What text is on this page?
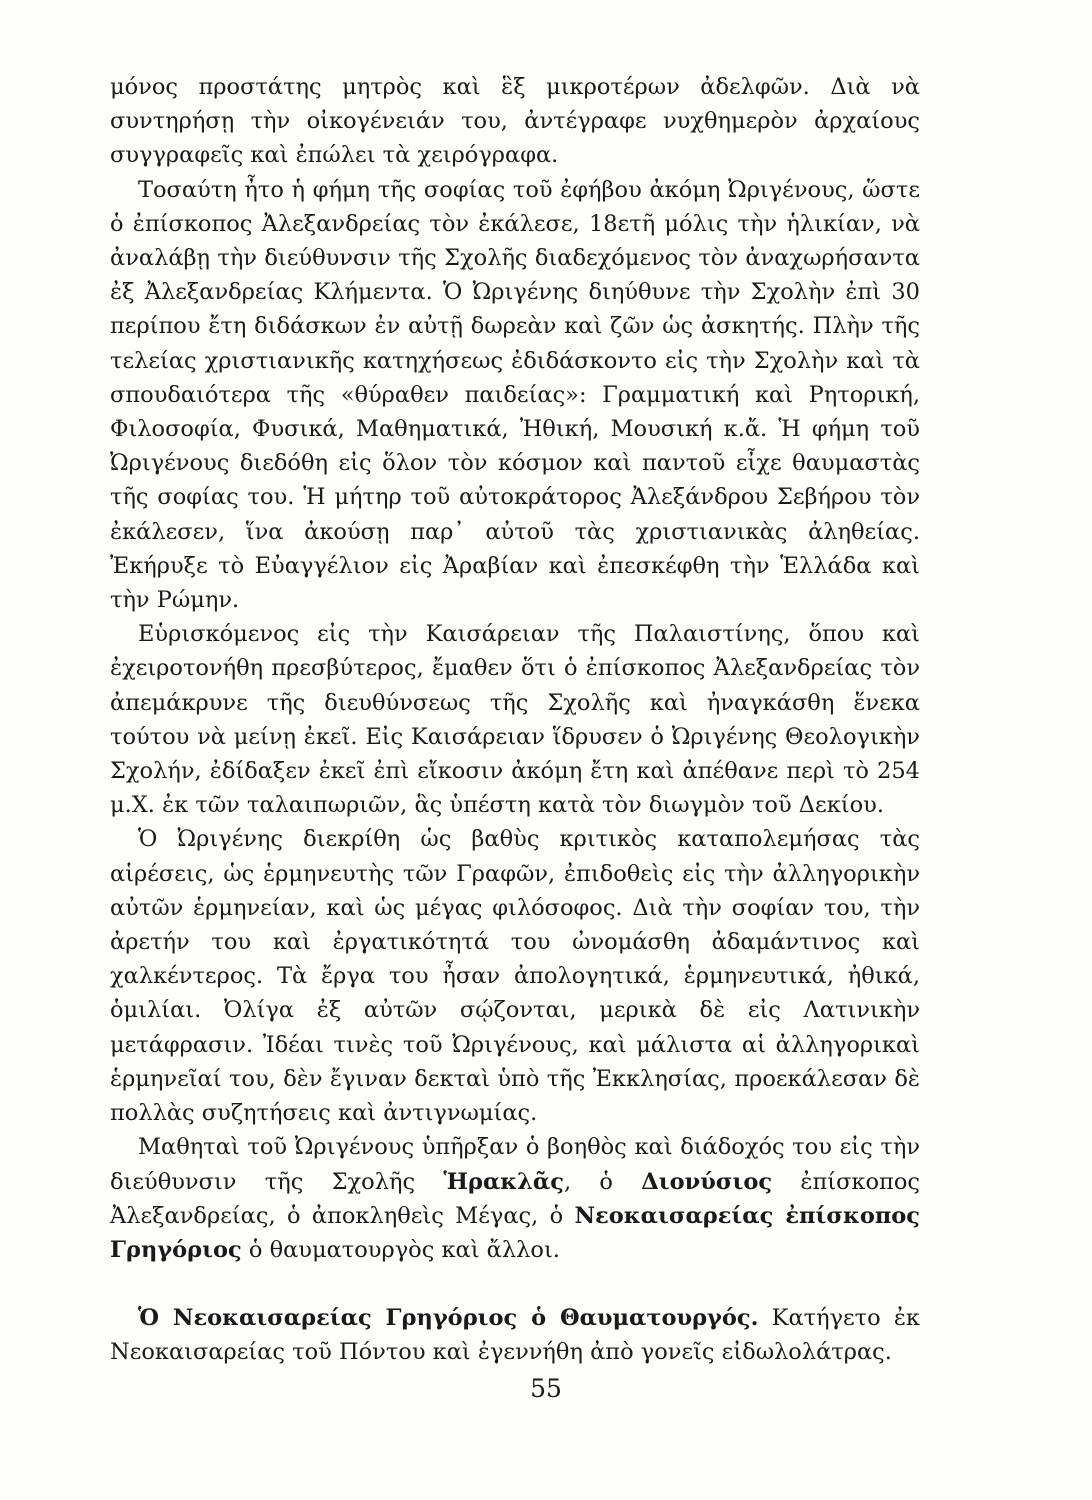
μόνος προστάτης μητρὸς καὶ ἓξ μικροτέρων ἀδελφῶν. Διὰ νὰ συντηρήσῃ τὴν οἰκογένειάν του, ἀντέγραφε νυχθημερὸν ἀρχαίους συγγραφεῖς καὶ ἐπώλει τὰ χειρόγραφα.

Τοσαύτη ἦτο ἡ φήμη τῆς σοφίας τοῦ ἐφήβου ἀκόμη Ὠριγένους, ὥστε ὁ ἐπίσκοπος Ἀλεξανδρείας τὸν ἐκάλεσε, 18ετῆ μόλις τὴν ἡλικίαν, νὰ ἀναλάβῃ τὴν διεύθυνσιν τῆς Σχολῆς διαδεχόμενος τὸν ἀναχωρήσαντα ἐξ Ἀλεξανδρείας Κλήμεντα. Ὁ Ὠριγένης διηύθυνε τὴν Σχολὴν ἐπὶ 30 περίπου ἔτη διδάσκων ἐν αὐτῇ δωρεὰν καὶ ζῶν ὡς ἀσκητής. Πλὴν τῆς τελείας χριστιανικῆς κατηχήσεως ἐδιδάσκοντο εἰς τὴν Σχολὴν καὶ τὰ σπουδαιότερα τῆς «θύραθεν παιδείας»: Γραμματική καὶ Ρητορική, Φιλοσοφία, Φυσικά, Μαθηματικά, Ἠθική, Μουσική κ.ἄ. Ἡ φήμη τοῦ Ὠριγένους διεδόθη εἰς ὅλον τὸν κόσμον καὶ παντοῦ εἶχε θαυμαστὰς τῆς σοφίας του. Ἡ μήτηρ τοῦ αὐτοκράτορος Ἀλεξάνδρου Σεβήρου τὸν ἐκάλεσεν, ἵνα ἀκούσῃ παρ᾿ αὐτοῦ τὰς χριστιανικὰς ἀληθείας. Ἐκήρυξε τὸ Εὐαγγέλιον εἰς Ἀραβίαν καὶ ἐπεσκέφθη τὴν Ἑλλάδα καὶ τὴν Ρώμην.

Εὑρισκόμενος εἰς τὴν Καισάρειαν τῆς Παλαιστίνης, ὅπου καὶ ἐχειροτονήθη πρεσβύτερος, ἔμαθεν ὅτι ὁ ἐπίσκοπος Ἀλεξανδρείας τὸν ἀπεμάκρυνε τῆς διευθύνσεως τῆς Σχολῆς καὶ ἠναγκάσθη ἕνεκα τούτου νὰ μείνῃ ἐκεῖ. Εἰς Καισάρειαν ἵδρυσεν ὁ Ὠριγένης Θεολογικὴν Σχολήν, ἐδίδαξεν ἐκεῖ ἐπὶ εἴκοσιν ἀκόμη ἔτη καὶ ἀπέθανε περὶ τὸ 254 μ.Χ. ἐκ τῶν ταλαιπωριῶν, ἃς ὑπέστη κατὰ τὸν διωγμὸν τοῦ Δεκίου.

Ὁ Ὠριγένης διεκρίθη ὡς βαθὺς κριτικὸς καταπολεμήσας τὰς αἱρέσεις, ὡς ἑρμηνευτὴς τῶν Γραφῶν, ἐπιδοθεὶς εἰς τὴν ἀλληγορικὴν αὐτῶν ἑρμηνείαν, καὶ ὡς μέγας φιλόσοφος. Διὰ τὴν σοφίαν του, τὴν ἀρετήν του καὶ ἐργατικότητά του ὠνομάσθη ἀδαμάντινος καὶ χαλκέντερος. Τὰ ἔργα του ἦσαν ἀπολογητικά, ἑρμηνευτικά, ἠθικά, ὁμιλίαι. Ὀλίγα ἐξ αὐτῶν σῴζονται, μερικὰ δὲ εἰς Λατινικὴν μετάφρασιν. Ἰδέαι τινὲς τοῦ Ὠριγένους, καὶ μάλιστα αἱ ἀλληγορικαὶ ἑρμηνεῖαί του, δὲν ἔγιναν δεκταὶ ὑπὸ τῆς Ἐκκλησίας, προεκάλεσαν δὲ πολλὰς συζητήσεις καὶ ἀντιγνωμίας.

Μαθηταὶ τοῦ Ὠριγένους ὑπῆρξαν ὁ βοηθὸς καὶ διάδοχός του εἰς τὴν διεύθυνσιν τῆς Σχολῆς Ἡρακλᾶς, ὁ Διονύσιος ἐπίσκοπος Ἀλεξανδρείας, ὁ ἀποκληθεὶς Μέγας, ὁ Νεοκαισαρείας ἐπίσκοπος Γρηγόριος ὁ θαυματουργὸς καὶ ἄλλοι.

Ὁ Νεοκαισαρείας Γρηγόριος ὁ Θαυματουργός. Κατήγετο ἐκ Νεοκαισαρείας τοῦ Πόντου καὶ ἐγεννήθη ἀπὸ γονεῖς εἰδωλολάτρας.

55
